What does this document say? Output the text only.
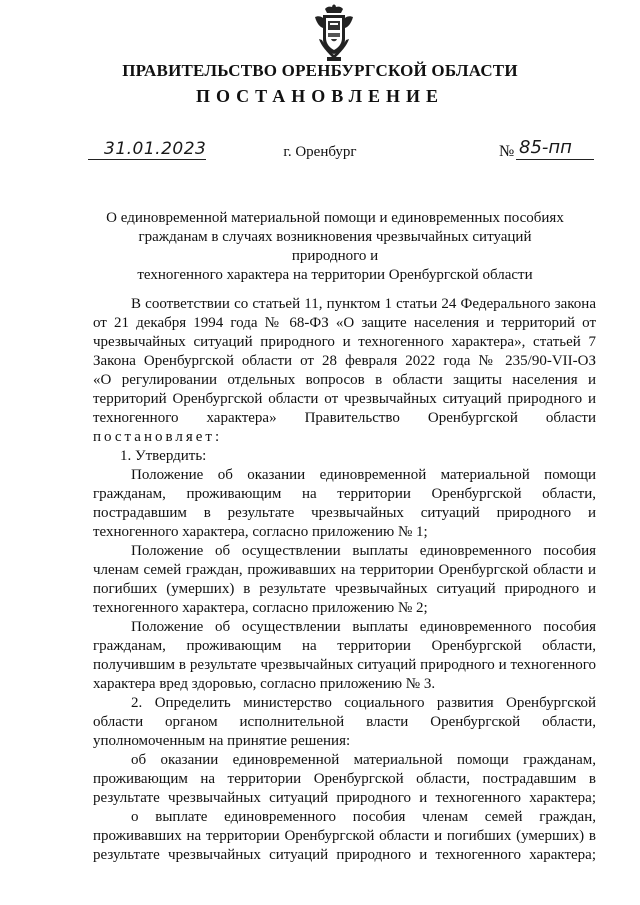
ПРАВИТЕЛЬСТВО ОРЕНБУРГСКОЙ ОБЛАСТИ
ПОСТАНОВЛЕНИЕ
31.01.2023	г. Оренбург	№ 85-пп
О единовременной материальной помощи и единовременных пособиях
гражданам в случаях возникновения чрезвычайных ситуаций природного и
техногенного характера на территории Оренбургской области
В соответствии со статьей 11, пунктом 1 статьи 24 Федерального закона
от 21 декабря 1994 года № 68-ФЗ «О защите населения и территорий от
чрезвычайных ситуаций природного и техногенного характера», статьей 7
Закона Оренбургской области от 28 февраля 2022 года № 235/90-VII-ОЗ
«О регулировании отдельных вопросов в области защиты населения и
территорий Оренбургской области от чрезвычайных ситуаций природного и
техногенного характера» Правительство Оренбургской области
постановляет:
1. Утвердить:
Положение об оказании единовременной материальной помощи
гражданам, проживающим на территории Оренбургской области,
пострадавшим в результате чрезвычайных ситуаций природного и
техногенного характера, согласно приложению № 1;
Положение об осуществлении выплаты единовременного пособия
членам семей граждан, проживавших на территории Оренбургской области и
погибших (умерших) в результате чрезвычайных ситуаций природного и
техногенного характера, согласно приложению № 2;
Положение об осуществлении выплаты единовременного пособия
гражданам, проживающим на территории Оренбургской области,
получившим в результате чрезвычайных ситуаций природного и техногенного
характера вред здоровью, согласно приложению № 3.
2. Определить министерство социального развития Оренбургской
области органом исполнительной власти Оренбургской области,
уполномоченным на принятие решения:
об оказании единовременной материальной помощи гражданам,
проживающим на территории Оренбургской области, пострадавшим в
результате чрезвычайных ситуаций природного и техногенного характера;
о выплате единовременного пособия членам семей граждан,
проживавших на территории Оренбургской области и погибших (умерших) в
результате чрезвычайных ситуаций природного и техногенного характера;
